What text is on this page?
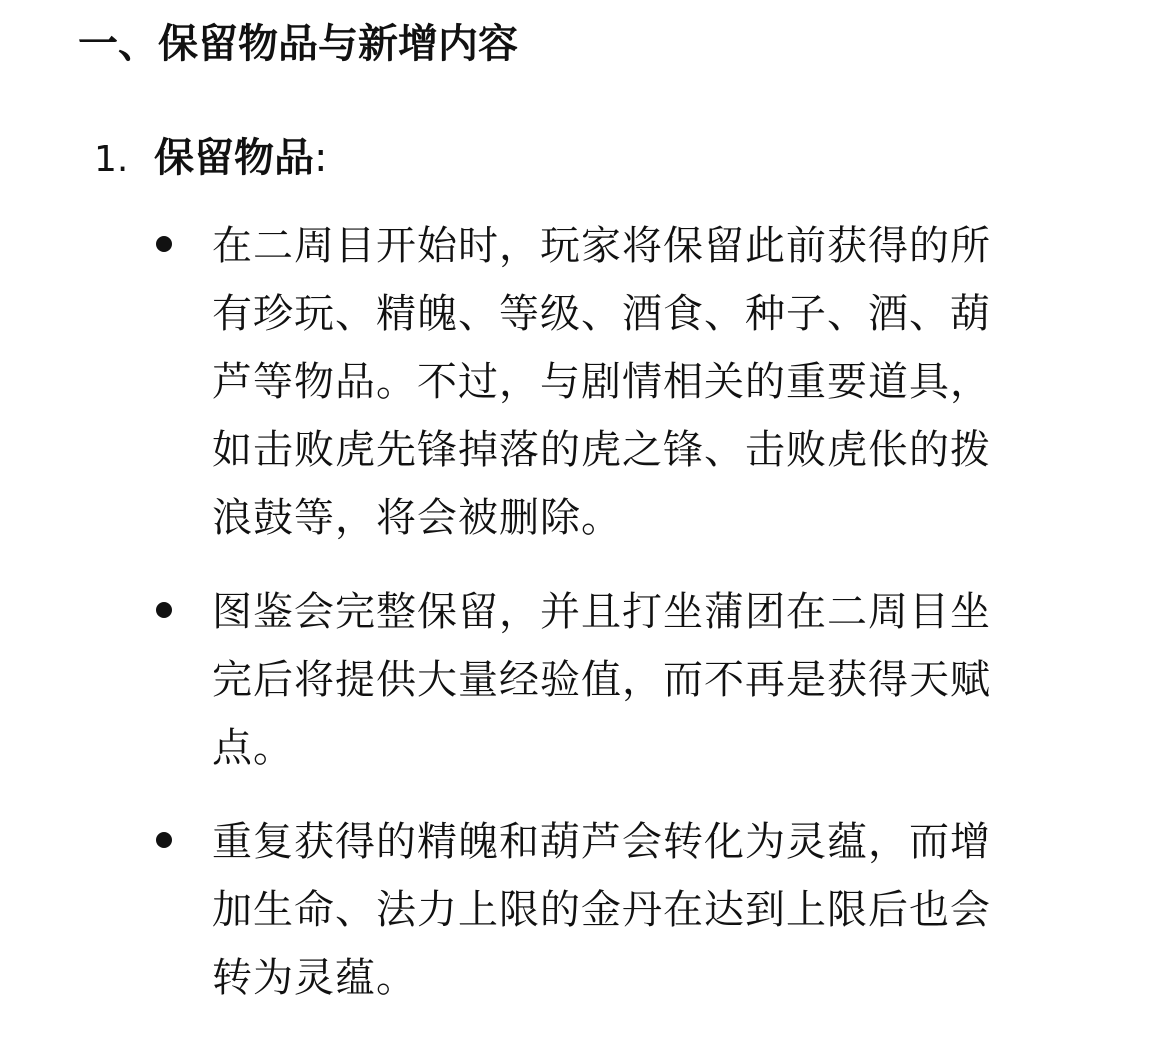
一、保留物品与新增内容
1. 保留物品:
在二周目开始时，玩家将保留此前获得的所有珍玩、精魄、等级、酒食、种子、酒、葫芦等物品。不过，与剧情相关的重要道具，如击败虎先锋掉落的虎之锋、击败虎伥的拨浪鼓等，将会被删除。
图鉴会完整保留，并且打坐蒲团在二周目坐完后将提供大量经验值，而不再是获得天赋点。
重复获得的精魄和葫芦会转化为灵蕴，而增加生命、法力上限的金丹在达到上限后也会转为灵蕴。
